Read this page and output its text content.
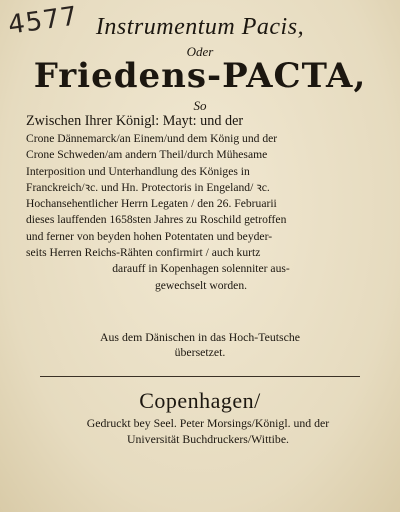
4577 Instrumentum Pacis,
Oder
Friedens-PACTA,
So
Zwischen Ihrer Königl: Mayt: und der
Crone Dännemarck/an Einem/und dem König und der
Crone Schweden/am andern Theil/durch Mühesame
Interposition und Unterhandlung des Königes in
Franckreich/ꝛc. und Hn. Protectoris in Engeland/ ꝛc.
Hochansehentlicher Herrn Legaten / den 26. Februarii
dieses lauffenden 1658sten Jahres zu Roschild getroffen
und ferner von beyden hohen Potentaten und beyder-
seits Herren Reichs-Rähten confirmirt / auch kurtz
darauff in Kopenhagen solenniter aus-
gewechselt worden.
Aus dem Dänischen in das Hoch-Teutsche
übersetzet.
Copenhagen/
Gedruckt bey Seel. Peter Morsings/Königl. und der
Universität Buchdruckers/Wittibe.
